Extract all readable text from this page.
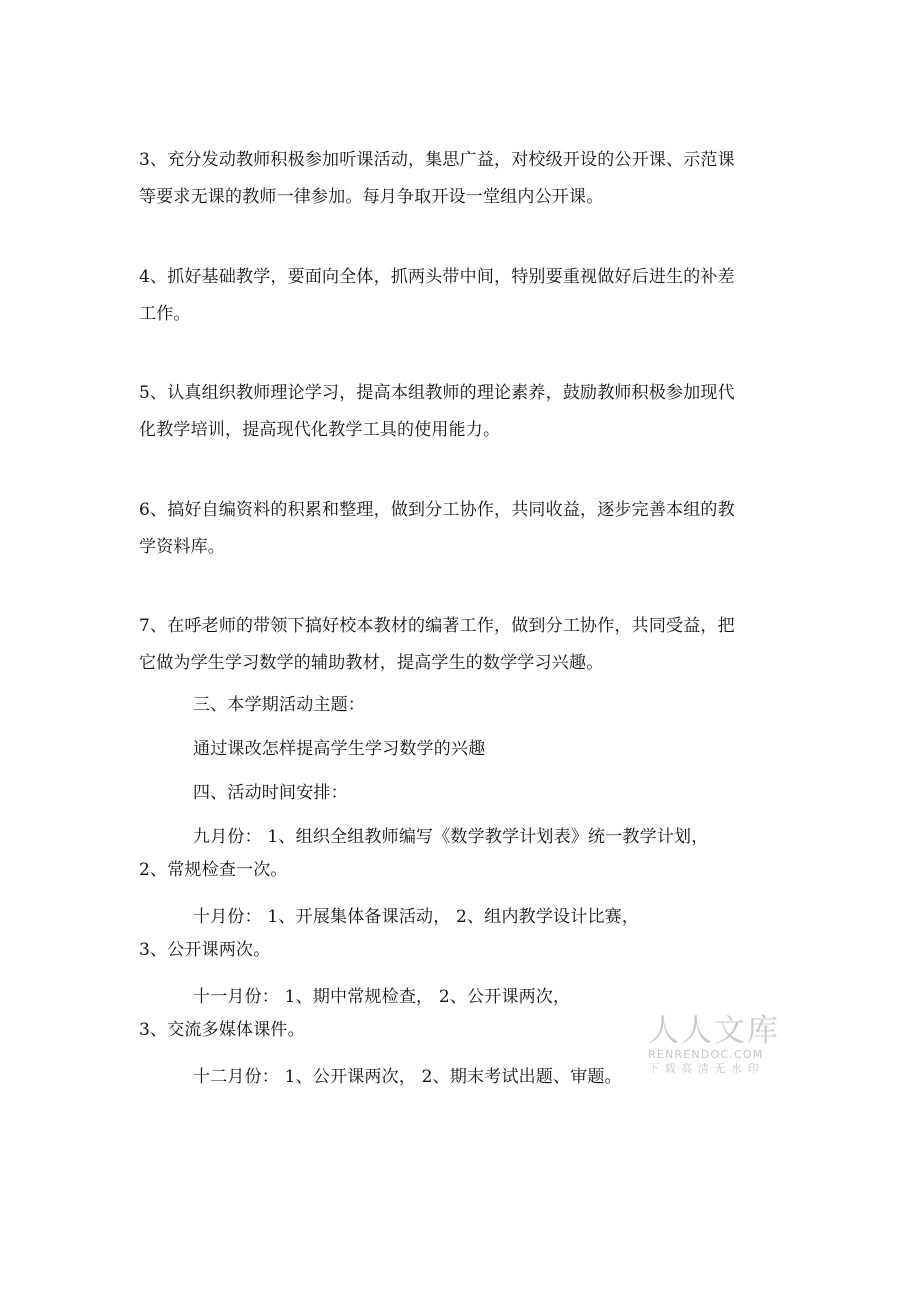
3、充分发动教师积极参加听课活动，集思广益，对校级开设的公开课、示范课
等要求无课的教师一律参加。每月争取开设一堂组内公开课。
4、抓好基础教学，要面向全体，抓两头带中间，特别要重视做好后进生的补差
工作。
5、认真组织教师理论学习，提高本组教师的理论素养，鼓励教师积极参加现代
化教学培训，提高现代化教学工具的使用能力。
6、搞好自编资料的积累和整理，做到分工协作，共同收益，逐步完善本组的教
学资料库。
7、在呼老师的带领下搞好校本教材的编著工作，做到分工协作，共同受益，把
它做为学生学习数学的辅助教材，提高学生的数学学习兴趣。
三、本学期活动主题：
通过课改怎样提高学生学习数学的兴趣
四、活动时间安排：
九月份： 1、组织全组教师编写《数学教学计划表》统一教学计划，
2、常规检查一次。
十月份： 1、开展集体备课活动， 2、组内教学设计比赛，
3、公开课两次。
十一月份： 1、期中常规检查， 2、公开课两次，
3、交流多媒体课件。
十二月份： 1、公开课两次， 2、期末考试出题、审题。
人人文库
RENRENDOC.COM
下载高清无水印
